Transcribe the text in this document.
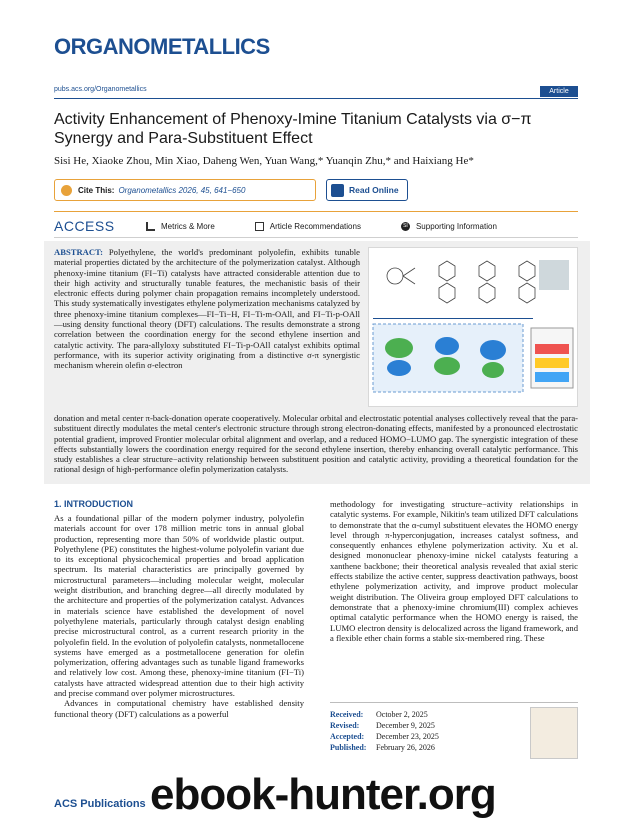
ORGANOMETALLICS
pubs.acs.org/Organometallics	Article
Activity Enhancement of Phenoxy-Imine Titanium Catalysts via σ−π Synergy and Para-Substituent Effect
Sisi He, Xiaoke Zhou, Min Xiao, Daheng Wen, Yuan Wang,* Yuanqin Zhu,* and Haixiang He*
Cite This: Organometallics 2026, 45, 641−650	Read Online
ACCESS	Metrics & More	Article Recommendations	SI Supporting Information
ABSTRACT: Polyethylene, the world's predominant polyolefin, exhibits tunable material properties dictated by the architecture of the polymerization catalyst. Although phenoxy-imine titanium (FI−Ti) catalysts have attracted considerable attention due to their high activity and structurally tunable features, the mechanistic basis of their electronic effects during polymer chain propagation remains incompletely understood. This study systematically investigates ethylene polymerization mechanisms catalyzed by three phenoxy-imine titanium complexes—FI−Ti−H, FI−Ti-m-OAll, and FI−Ti-p-OAll—using density functional theory (DFT) calculations. The results demonstrate a strong correlation between the coordination energy for the second ethylene insertion and catalytic activity. The para-allyloxy substituted FI−Ti-p-OAll catalyst exhibits optimal performance, with its superior activity originating from a distinctive σ-π synergistic mechanism wherein olefin σ-electron
donation and metal center π-back-donation operate cooperatively. Molecular orbital and electrostatic potential analyses collectively reveal that the para-substituent directly modulates the metal center's electronic structure through strong electron-donating effects, manifested by a pronounced electrostatic potential gradient, improved Frontier molecular orbital alignment and overlap, and a reduced HOMO−LUMO gap. The synergistic integration of these effects substantially lowers the coordination energy required for the second ethylene insertion, thereby enhancing overall catalytic performance. This study establishes a clear structure−activity relationship between substituent position and catalytic activity, providing a theoretical foundation for the rational design of high-performance olefin polymerization catalysts.
1. INTRODUCTION

As a foundational pillar of the modern polymer industry, polyolefin materials account for over 178 million metric tons in annual global production, representing more than 50% of worldwide plastic output. Polyethylene (PE) constitutes the highest-volume polyolefin variant due to its exceptional physicochemical properties and broad application spectrum. Its material characteristics are principally governed by microstructural parameters—including molecular weight, molecular weight distribution, and branching degree—all directly modulated by the architecture and properties of the polymerization catalyst. Advances in materials science have established the development of novel polyethylene materials, particularly through catalyst design enabling precise microstructural control, as a current research priority in the polyolefin field. In the evolution of polyolefin catalysts, nonmetallocene systems have emerged as a postmetallocene generation for olefin polymerization, offering advantages such as tunable ligand frameworks and relatively low cost. Among these, phenoxy-imine titanium (FI−Ti) catalysts have attracted widespread attention due to their high activity and precise command over polymer microstructures.

Advances in computational chemistry have established density functional theory (DFT) calculations as a powerful

methodology for investigating structure−activity relationships in catalytic systems. For example, Nikitin's team utilized DFT calculations to demonstrate that the α-cumyl substituent elevates the HOMO energy level through π-hyperconjugation, increases catalyst softness, and consequently enhances ethylene polymerization activity. Xu et al. designed mononuclear phenoxy-imine nickel catalysts featuring a xanthene backbone; their theoretical analysis revealed that axial steric effects stabilize the active center, suppress deactivation pathways, boost ethylene polymerization activity, and improve product molecular weight distribution. The Oliveira group employed DFT calculations to demonstrate that a phenoxy-imine chromium(III) complex achieves optimal catalytic performance when the HOMO energy is raised, the LUMO electron density is delocalized across the ligand framework, and a flexible ether chain forms a stable six-membered ring. These

Received: October 2, 2025
Revised: December 9, 2025
Accepted: December 23, 2025
Published: February 26, 2026
ACS Publications ebook-hunter.org
